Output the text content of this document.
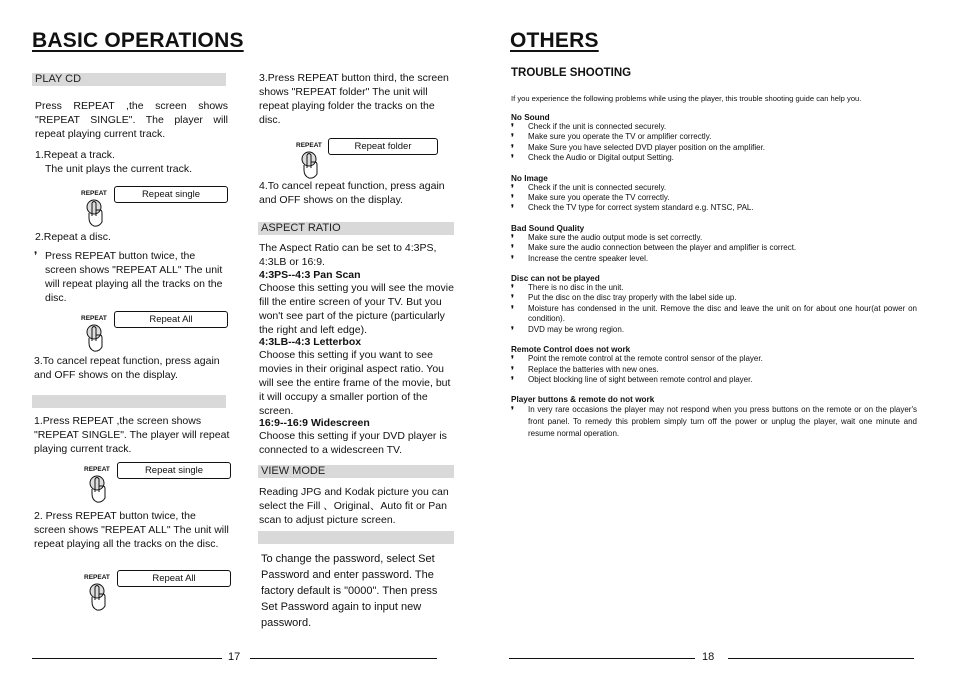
BASIC OPERATIONS
PLAY CD
Press REPEAT ,the screen shows "REPEAT SINGLE". The player will repeat playing current track.
1.Repeat a track.
The unit plays the current track.
REPEAT	Repeat single
2.Repeat a disc.
❜ Press REPEAT button twice, the screen shows "REPEAT ALL" The unit will repeat playing all the tracks on the disc.
REPEAT	Repeat All
3.To cancel repeat function, press again and OFF shows on the display.
1.Press REPEAT ,the screen shows "REPEAT SINGLE". The player will repeat playing current track.
REPEAT	Repeat single
2. Press REPEAT button twice, the screen shows "REPEAT ALL" The unit will repeat playing all the tracks on the disc.
REPEAT	Repeat All
3.Press REPEAT button third, the screen shows "REPEAT folder" The unit will repeat playing folder the tracks on the disc.
REPEAT	Repeat folder
4.To cancel repeat function, press again and OFF shows on the display.
ASPECT RATIO
The Aspect Ratio can be set to 4:3PS, 4:3LB or 16:9.
4:3PS--4:3 Pan Scan
Choose this setting you will see the movie fill the entire screen of your TV. But you won't see part of the picture (particularly the right and left edge).
4:3LB--4:3 Letterbox
Choose this setting if you want to see movies in their original aspect ratio. You will see the entire frame of the movie, but it will occupy a smaller portion of the screen.
16:9--16:9 Widescreen
Choose this setting if your DVD player is connected to a widescreen TV.
VIEW MODE
Reading JPG and Kodak picture you can select the Fill 、Original、Auto fit or Pan scan to adjust picture screen.
To change the password, select Set Password and enter password. The factory default is "0000". Then press Set Password again to input new password.
17
OTHERS
TROUBLE SHOOTING
If you experience the following problems while using the player, this trouble shooting guide can help you.
No Sound
❜ Check if the unit is connected securely.
❜ Make sure you operate the TV or amplifier correctly.
❜ Make Sure you have selected DVD player position on the amplifier.
❜ Check the Audio or Digital output Setting.
No Image
❜ Check if the unit is connected securely.
❜ Make sure you operate the TV correctly.
❜ Check the TV type for correct system standard e.g. NTSC, PAL.
Bad Sound Quality
❜ Make sure the audio output mode is set correctly.
❜ Make sure the audio connection between the player and amplifier is correct.
❜ Increase the centre speaker level.
Disc can not be played
❜ There is no disc in the unit.
❜ Put the disc on the disc tray properly with the label side up.
❜ Moisture has condensed in the unit. Remove the disc and leave the unit on for about one hour(at power on condition).
❜ DVD may be wrong region.
Remote Control does not work
❜ Point the remote control at the remote control sensor of the player.
❜ Replace the batteries with new ones.
❜ Object blocking line of sight between remote control and player.
Player buttons & remote do not work
❜ In very rare occasions the player may not respond when you press buttons on the remote or on the player's front panel. To remedy this problem simply turn off the power or unplug the player, wait one minute and resume normal operation.
18
